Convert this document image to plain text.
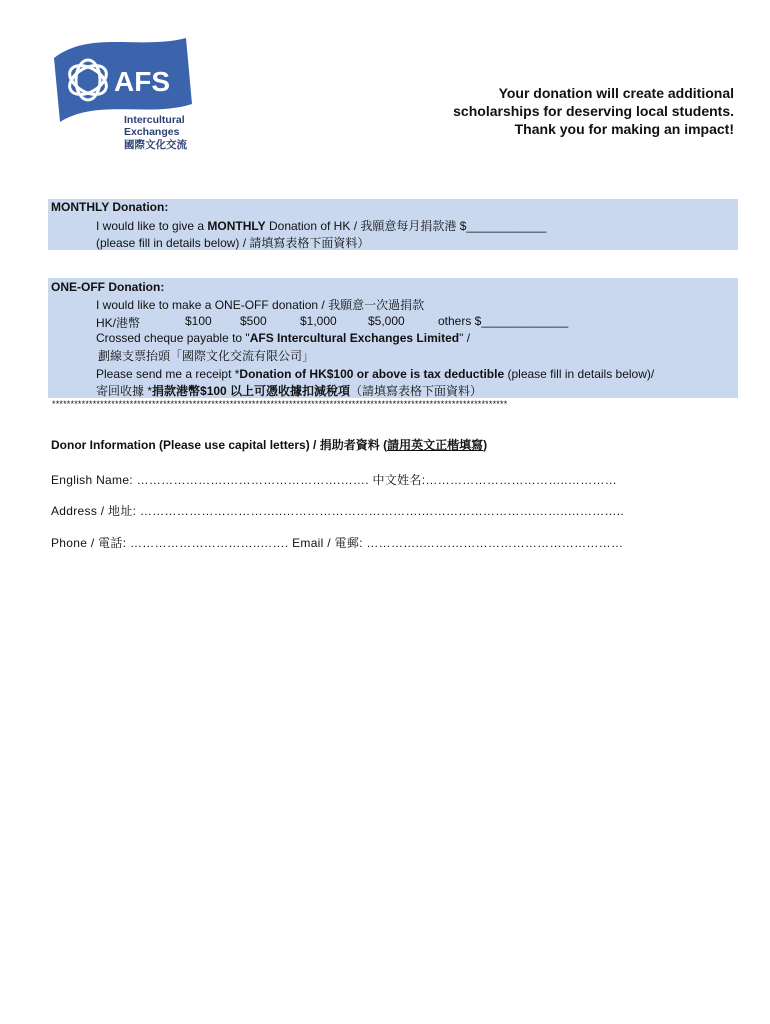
AFS
Intercultural
Exchanges
國際文化交流
Your donation will create additional
scholarships for deserving local students.
Thank you for making an impact!
MONTHLY Donation:
I would like to give a MONTHLY Donation of HK / 我願意每月捐款港 $____________
(please fill in details below) / 請填寫表格下面資料）
ONE-OFF Donation:
I would like to make a ONE-OFF donation / 我願意一次過捐款
HK/港幣	$100 $500	$1,000	$5,000	others $_____________
Crossed cheque payable to "AFS Intercultural Exchanges Limited" /
劃線支票抬頭「國際文化交流有限公司」
Please send me a receipt *Donation of HK$100 or above is tax deductible (please fill in details below)/
寄回收據 *捐款港幣$100 以上可憑收據扣減稅項（請填寫表格下面資料）
***************************************************************************************************************************
Donor Information (Please use capital letters) / 捐助者資料 (請用英文正楷填寫)
English Name: ………………….……………………….……. 中文姓名:……………………………..…………
Address / 地址: ……………………………..…………………………….……………………….……..…………..
Phone / 電話: …………………………..……. Email / 電郵: …………..…….……………………………………
